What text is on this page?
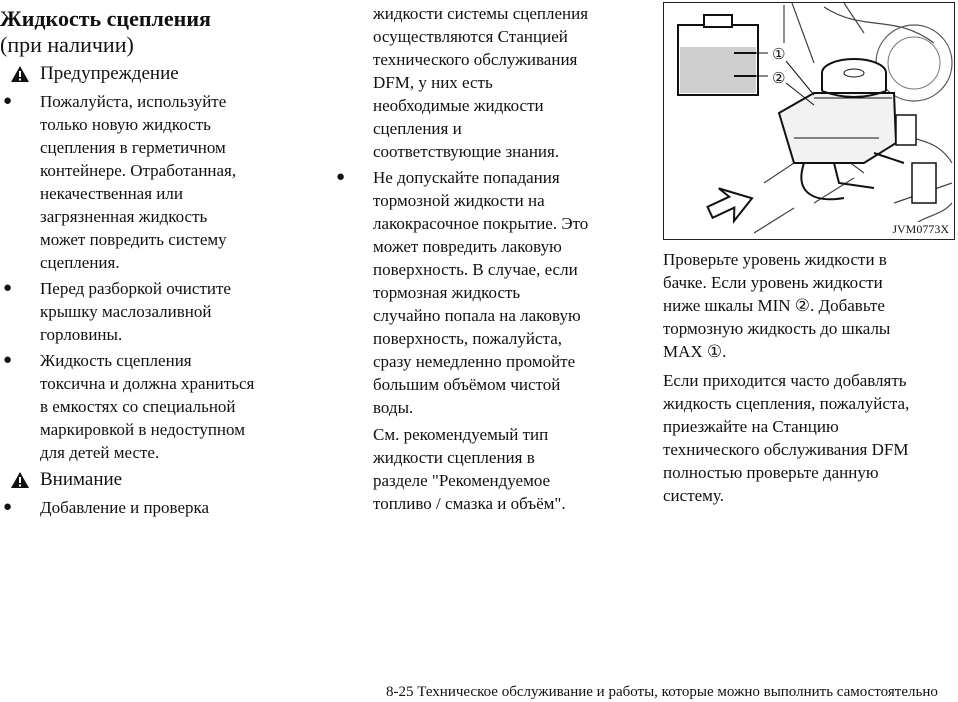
Жидкость сцепления
(при наличии)
Предупреждение
●	Пожалуйста, используйте
только новую жидкость
сцепления в герметичном
контейнере. Отработанная,
некачественная или
загрязненная жидкость
может повредить систему
сцепления.
●	Перед разборкой очистите
крышку маслозаливной
горловины.
●	Жидкость сцепления
токсична и должна храниться
в емкостях со специальной
маркировкой в недоступном
для детей месте.
Внимание
●	Добавление и проверка
жидкости системы сцепления
осуществляются Станцией
технического обслуживания
DFM, у них есть
необходимые жидкости
сцепления и
соответствующие знания.
●	Не допускайте попадания
тормозной жидкости на
лакокрасочное покрытие. Это
может повредить лаковую
поверхность. В случае, если
тормозная жидкость
случайно попала на лаковую
поверхность, пожалуйста,
сразу немедленно промойте
большим объёмом чистой
воды.
См. рекомендуемый тип
жидкости сцепления в
разделе "Рекомендуемое
топливо / смазка и объём".
①
②
JVM0773X
Проверьте уровень жидкости в
бачке. Если уровень жидкости
ниже шкалы MIN ②. Добавьте
тормозную жидкость до шкалы
MAX ①.
Если приходится часто добавлять
жидкость сцепления, пожалуйста,
приезжайте на Станцию
технического обслуживания DFM
полностью проверьте данную
систему.
8-25 Техническое обслуживание и работы, которые можно выполнить самостоятельно
